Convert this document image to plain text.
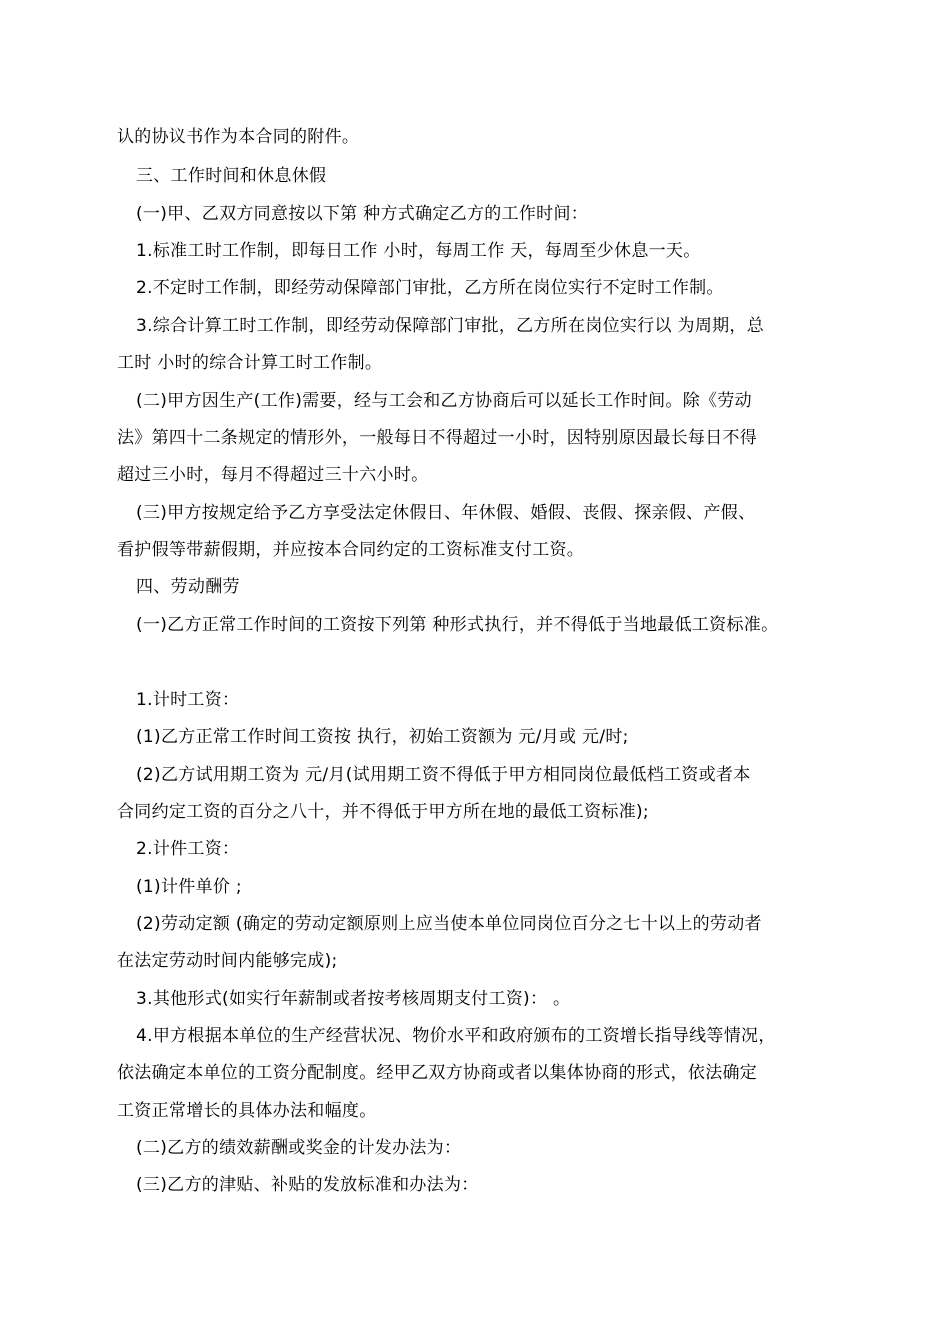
认的协议书作为本合同的附件。
三、工作时间和休息休假
(一)甲、乙双方同意按以下第 种方式确定乙方的工作时间：
1.标准工时工作制，即每日工作 小时，每周工作 天，每周至少休息一天。
2.不定时工作制，即经劳动保障部门审批，乙方所在岗位实行不定时工作制。
3.综合计算工时工作制，即经劳动保障部门审批，乙方所在岗位实行以 为周期，总
工时 小时的综合计算工时工作制。
(二)甲方因生产(工作)需要，经与工会和乙方协商后可以延长工作时间。除《劳动
法》第四十二条规定的情形外，一般每日不得超过一小时，因特别原因最长每日不得
超过三小时，每月不得超过三十六小时。
(三)甲方按规定给予乙方享受法定休假日、年休假、婚假、丧假、探亲假、产假、
看护假等带薪假期，并应按本合同约定的工资标准支付工资。
四、劳动酬劳
(一)乙方正常工作时间的工资按下列第 种形式执行，并不得低于当地最低工资标准。
1.计时工资：
(1)乙方正常工作时间工资按 执行，初始工资额为 元/月或 元/时;
(2)乙方试用期工资为 元/月(试用期工资不得低于甲方相同岗位最低档工资或者本
合同约定工资的百分之八十，并不得低于甲方所在地的最低工资标准);
2.计件工资：
(1)计件单价 ;
(2)劳动定额 (确定的劳动定额原则上应当使本单位同岗位百分之七十以上的劳动者
在法定劳动时间内能够完成);
3.其他形式(如实行年薪制或者按考核周期支付工资)： 。
4.甲方根据本单位的生产经营状况、物价水平和政府颁布的工资增长指导线等情况，
依法确定本单位的工资分配制度。经甲乙双方协商或者以集体协商的形式，依法确定
工资正常增长的具体办法和幅度。
(二)乙方的绩效薪酬或奖金的计发办法为：
(三)乙方的津贴、补贴的发放标准和办法为：
